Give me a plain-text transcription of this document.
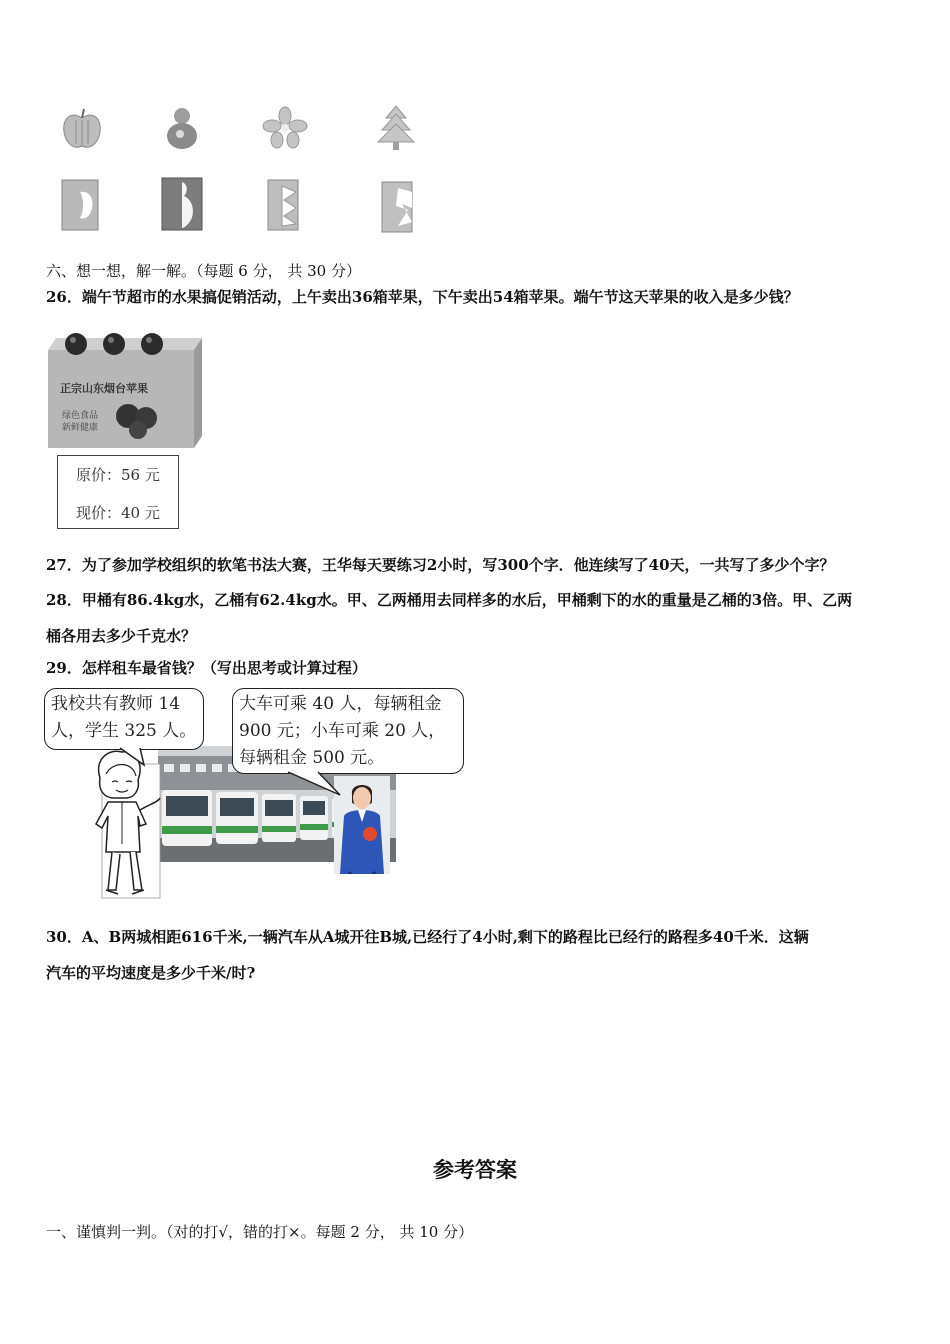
六、想一想，解一解。（每题 6 分， 共 30 分）
26．端午节超市的水果搞促销活动，上午卖出36箱苹果，下午卖出54箱苹果。端午节这天苹果的收入是多少钱？
正宗山东烟台苹果
绿色食品
新鲜健康
原价：56 元
现价：40 元
27．为了参加学校组织的软笔书法大赛，王华每天要练习2小时，写300个字．他连续写了40天，一共写了多少个字？
28．甲桶有86.4kg水，乙桶有62.4kg水。甲、乙两桶用去同样多的水后，甲桶剩下的水的重量是乙桶的3倍。甲、乙两
桶各用去多少千克水？
29．怎样租车最省钱？（写出思考或计算过程）
我校共有教师 14
人，学生 325 人。
大车可乘 40 人，每辆租金
900 元；小车可乘 20 人，
每辆租金 500 元。
30．A、B两城相距616千米,一辆汽车从A城开往B城,已经行了4小时,剩下的路程比已经行的路程多40千米．这辆
汽车的平均速度是多少千米/时?
参考答案
一、谨慎判一判。（对的打√，错的打×。每题 2 分， 共 10 分）
